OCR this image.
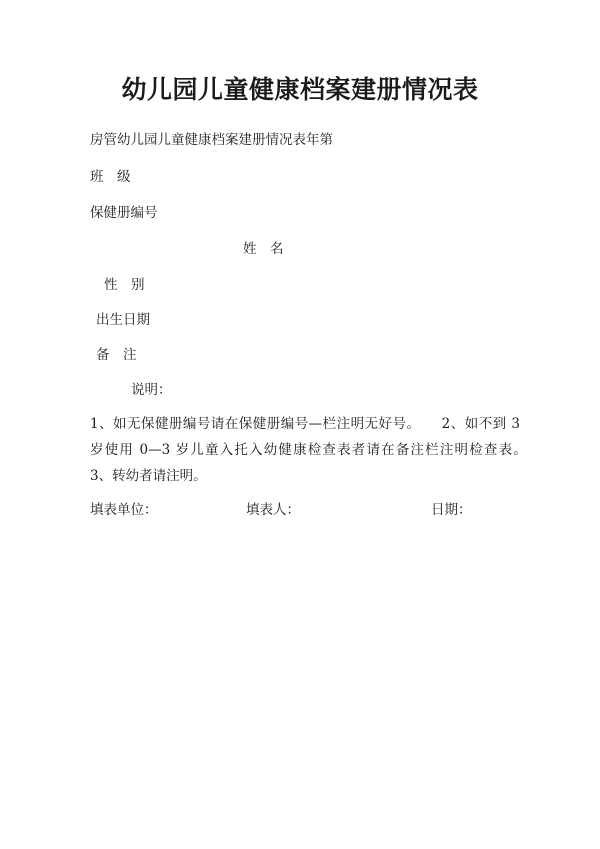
幼儿园儿童健康档案建册情况表
房管幼儿园儿童健康档案建册情况表年第
班　级
保健册编号
姓　名
性　别
出生日期
备　注
说明：
1、如无保健册编号请在保健册编号—栏注明无好号。　　2、如不到 3 岁使用 0—3 岁儿童入托入幼健康检查表者请在备注栏注明检查表。　　3、转幼者请注明。
填表单位：	填表人：	日期：
